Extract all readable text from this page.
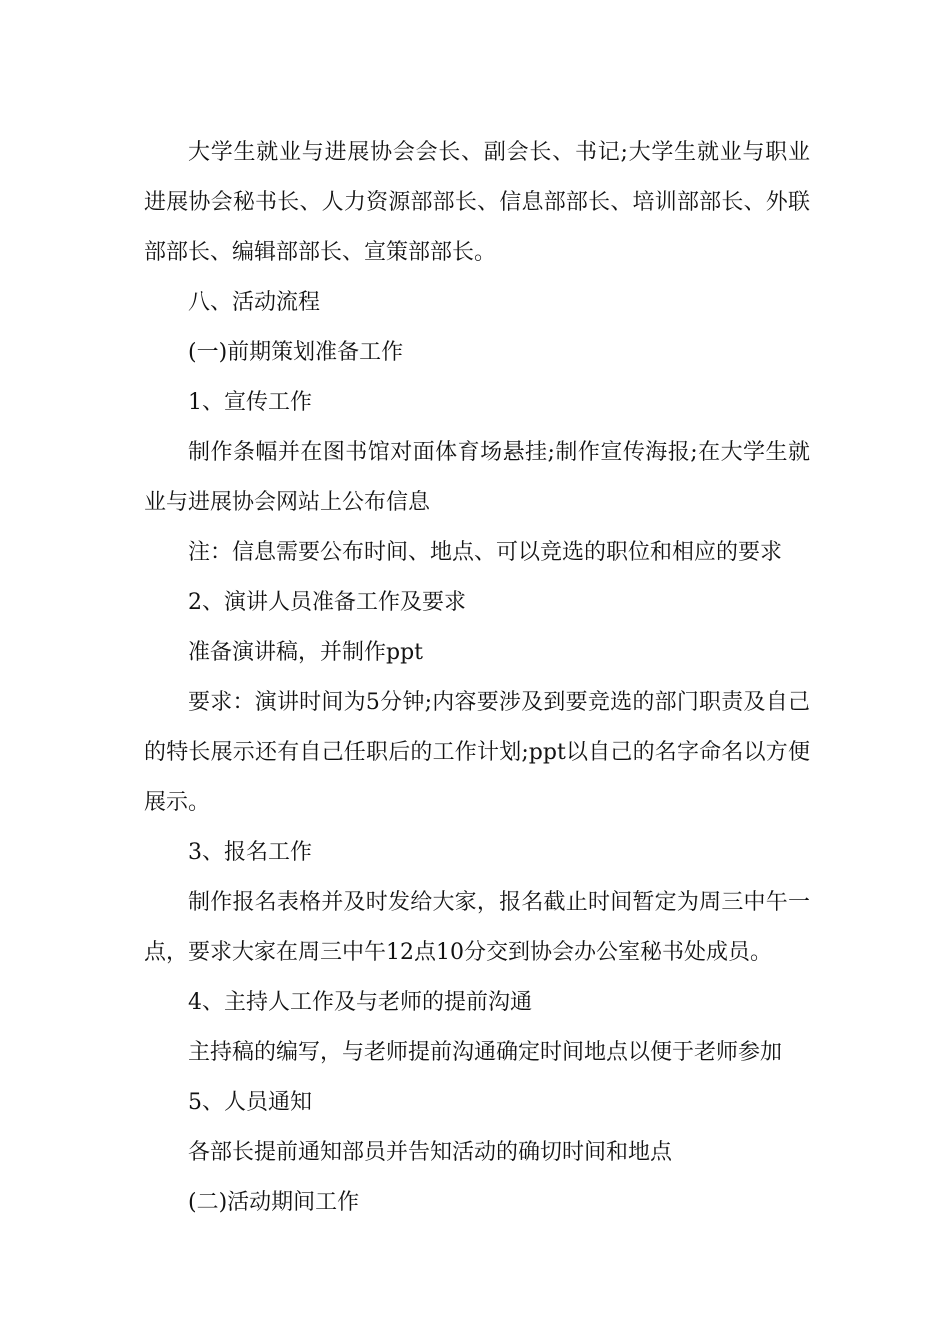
大学生就业与进展协会会长、副会长、书记;大学生就业与职业进展协会秘书长、人力资源部部长、信息部部长、培训部部长、外联部部长、编辑部部长、宣策部部长。

八、活动流程

(一)前期策划准备工作

1、宣传工作

制作条幅并在图书馆对面体育场悬挂;制作宣传海报;在大学生就业与进展协会网站上公布信息

注：信息需要公布时间、地点、可以竞选的职位和相应的要求

2、演讲人员准备工作及要求

准备演讲稿，并制作ppt

要求：演讲时间为5分钟;内容要涉及到要竞选的部门职责及自己的特长展示还有自己任职后的工作计划;ppt以自己的名字命名以方便展示。

3、报名工作

制作报名表格并及时发给大家，报名截止时间暂定为周三中午一点，要求大家在周三中午12点10分交到协会办公室秘书处成员。

4、主持人工作及与老师的提前沟通

主持稿的编写，与老师提前沟通确定时间地点以便于老师参加

5、人员通知

各部长提前通知部员并告知活动的确切时间和地点

(二)活动期间工作
